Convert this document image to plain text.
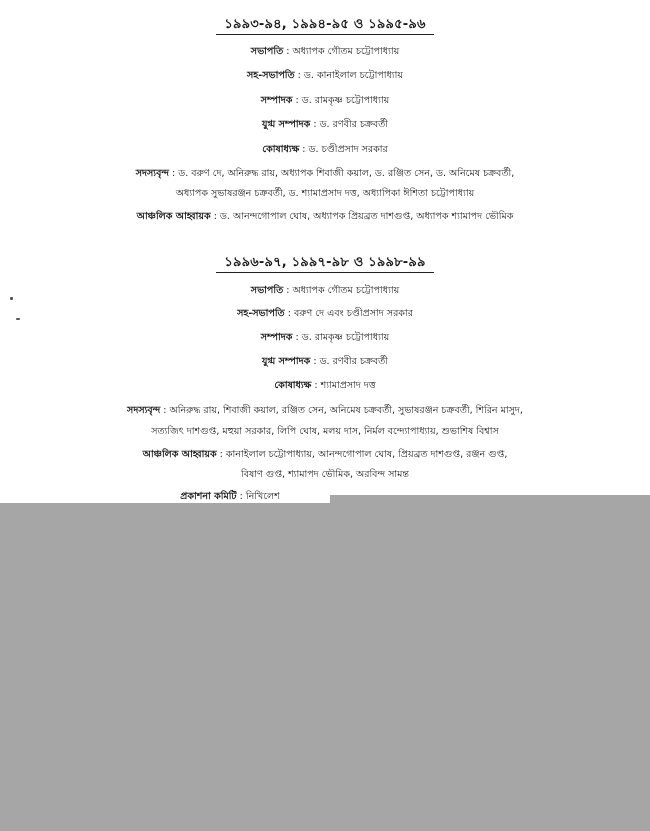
১৯৯৩-৯৪, ১৯৯৪-৯৫ ও ১৯৯৫-৯৬
সভাপতি : অধ্যাপক গৌতম চট্টোপাধ্যায়
সহ-সভাপতি : ড. কানাইলাল চট্টোপাধ্যায়
সম্পাদক : ড. রামকৃষ্ণ চট্টোপাধ্যায়
যুগ্ম সম্পাদক : ড. রণবীর চক্রবর্তী
কোষাধ্যক্ষ : ড. চণ্ডীপ্রসাদ সরকার
সদস্যবৃন্দ : ড. বরুণ দে, অনিরুদ্ধ রায়, অধ্যাপক শিবাজী কয়াল, ড. রঞ্জিত সেন, ড. অনিমেষ চক্রবর্তী,
অধ্যাপক সুভাষরঞ্জন চক্রবর্তী, ড. শ্যামাপ্রসাদ দত্ত, অধ্যাপিকা ঈশিতা চট্টোপাধ্যায়
আঞ্চলিক আহ্বায়ক : ড. আনন্দগোপাল ঘোষ, অধ্যাপক প্রিয়ব্রত দাশগুপ্ত, অধ্যাপক শ্যামাপদ ভৌমিক
১৯৯৬-৯৭, ১৯৯৭-৯৮ ও ১৯৯৮-৯৯
সভাপতি : অধ্যাপক গৌতম চট্টোপাধ্যায়
সহ-সভাপতি : বরুণ দে এবং চণ্ডীপ্রসাদ সরকার
সম্পাদক : ড. রামকৃষ্ণ চট্টোপাধ্যায়
যুগ্ম সম্পাদক : ড. রণবীর চক্রবর্তী
কোষাধ্যক্ষ : শ্যামাপ্রসাদ দত্ত
সদস্যবৃন্দ : অনিরুদ্ধ রায়, শিবাজী কয়াল, রঞ্জিত সেন, অনিমেষ চক্রবর্তী, সুভাষরঞ্জন চক্রবর্তী, শিরিন মাসুদ,
সত্যজিৎ দাশগুপ্ত, মহুয়া সরকার, লিপি ঘোষ, মলয় দাস, নির্মল বন্দ্যোপাধ্যায়, শুভাশিষ বিশ্বাস
আঞ্চলিক আহ্বায়ক : কানাইলাল চট্টোপাধ্যায়, আনন্দগোপাল ঘোষ, প্রিয়ব্রত দাশগুপ্ত, রঞ্জন গুপ্ত,
বিষাণ গুপ্ত, শ্যামাপদ ভৌমিক, অরবিন্দ সামন্ত
প্রকাশনা কমিটি : নিখিলেশ
